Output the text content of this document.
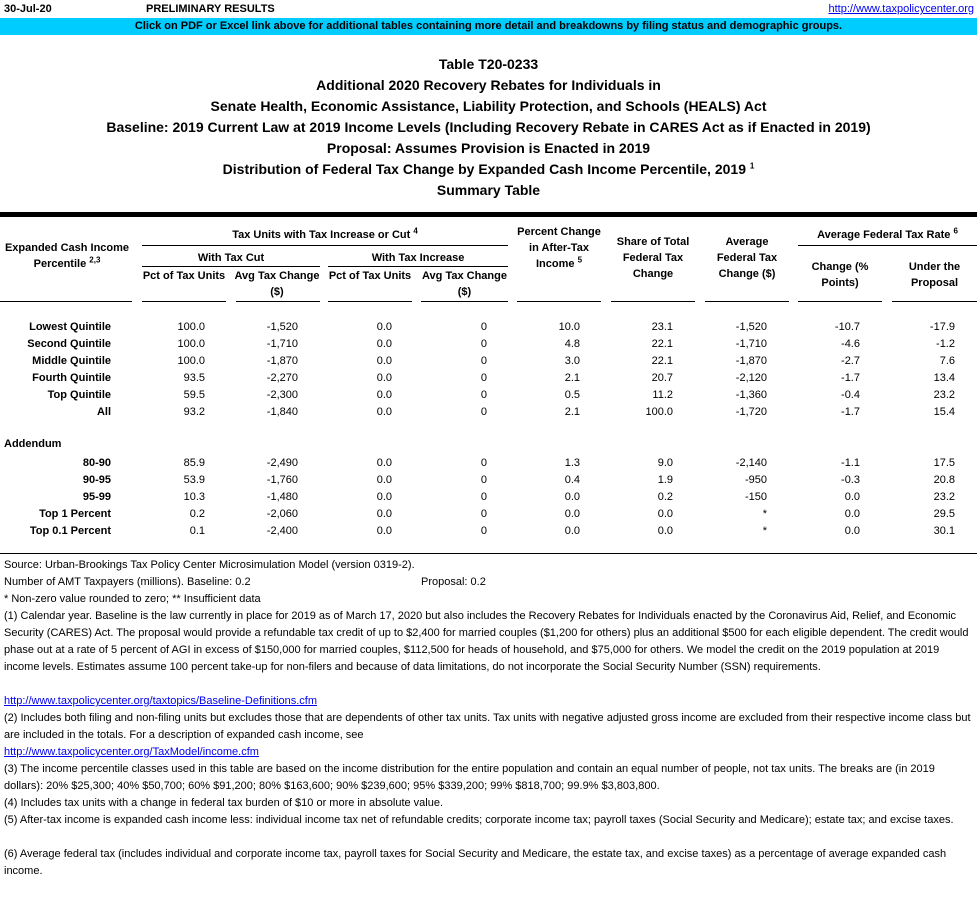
30-Jul-20	PRELIMINARY RESULTS	http://www.taxpolicycenter.org
Click on PDF or Excel link above for additional tables containing more detail and breakdowns by filing status and demographic groups.
Table T20-0233
Additional 2020 Recovery Rebates for Individuals in
Senate Health, Economic Assistance, Liability Protection, and Schools (HEALS) Act
Baseline: 2019 Current Law at 2019 Income Levels (Including Recovery Rebate in CARES Act as if Enacted in 2019)
Proposal: Assumes Provision is Enacted in 2019
Distribution of Federal Tax Change by Expanded Cash Income Percentile, 2019 $^1$
Summary Table
Tax Units with Tax Increase or Cut $^4$
With Tax Cut	With Tax Increase
Pct of Tax Units Avg Tax Change ($)
Pct of Tax Units Avg Tax Change ($)
Percent Change in After-Tax Income $^5$
Share of Total Federal Tax Change
Average Federal Tax Change ($)
Average Federal Tax Rate $^6$
Change (% Points)
Under the Proposal
Lowest Quintile	100.0	-1,520	0.0	0	10.0	23.1	-1,520	-10.7	-17.9
Second Quintile	100.0	-1,710	0.0	0	4.8	22.1	-1,710	-4.6	-1.2
Middle Quintile	100.0	-1,870	0.0	0	3.0	22.1	-1,870	-2.7	7.6
Fourth Quintile	93.5	-2,270	0.0	0	2.1	20.7	-2,120	-1.7	13.4
Top Quintile	59.5	-2,300	0.0	0	0.5	11.2	-1,360	-0.4	23.2
All	93.2	-1,840	0.0	0	2.1	100.0	-1,720	-1.7	15.4
Addendum
80-90	85.9	-2,490	0.0	0	1.3	9.0	-2,140	-1.1	17.5
90-95	53.9	-1,760	0.0	0	0.4	1.9	-950	-0.3	20.8
95-99	10.3	-1,480	0.0	0	0.0	0.2	-150	0.0	23.2
Top 1 Percent	0.2	-2,060	0.0	0	0.0	0.0	*	0.0	29.5
Top 0.1 Percent	0.1	-2,400	0.0	0	0.0	0.0	*	0.0	30.1
Source: Urban-Brookings Tax Policy Center Microsimulation Model (version 0319-2).
Number of AMT Taxpayers (millions). Baseline: 0.2	Proposal: 0.2
* Non-zero value rounded to zero; ** Insufficient data
(1) Calendar year. Baseline is the law currently in place for 2019 as of March 17, 2020 but also includes the Recovery Rebates for Individuals enacted by the Coronavirus Aid, Relief, and Economic Security (CARES) Act. The proposal would provide a refundable tax credit of up to $2,400 for married couples ($1,200 for others) plus an additional $500 for each eligible dependent. The credit would phase out at a rate of 5 percent of AGI in excess of $150,000 for married couples, $112,500 for heads of household, and $75,000 for others. We model the credit on the 2019 population at 2019 income levels. Estimates assume 100 percent take-up for non-filers and because of data limitations, do not incorporate the Social Security Number (SSN) requirements.
http://www.taxpolicycenter.org/taxtopics/Baseline-Definitions.cfm
(2) Includes both filing and non-filing units but excludes those that are dependents of other tax units. Tax units with negative adjusted gross income are excluded from their respective income class but are included in the totals. For a description of expanded cash income, see
http://www.taxpolicycenter.org/TaxModel/income.cfm
(3) The income percentile classes used in this table are based on the income distribution for the entire population and contain an equal number of people, not tax units. The breaks are (in 2019 dollars): 20% $25,300; 40% $50,700; 60% $91,200; 80% $163,600; 90% $239,600; 95% $339,200; 99% $818,700; 99.9% $3,803,800.
(4) Includes tax units with a change in federal tax burden of $10 or more in absolute value.
(5) After-tax income is expanded cash income less: individual income tax net of refundable credits; corporate income tax; payroll taxes (Social Security and Medicare); estate tax; and excise taxes.
(6) Average federal tax (includes individual and corporate income tax, payroll taxes for Social Security and Medicare, the estate tax, and excise taxes) as a percentage of average expanded cash income.
Expanded Cash Income Percentile $^{2,3}$
